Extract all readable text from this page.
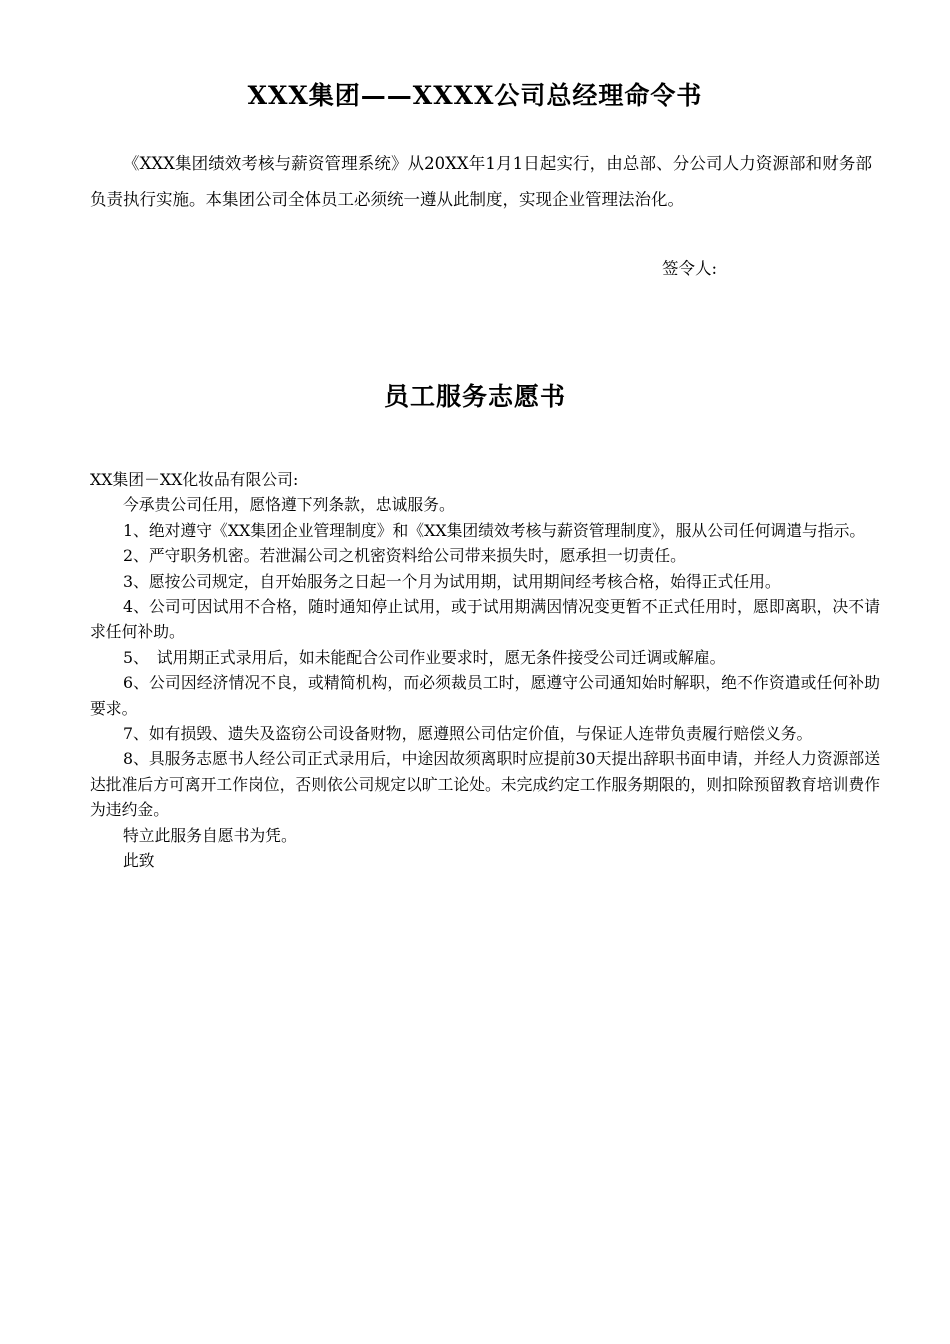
XXX集团——XXXX公司总经理命令书

《XXX集团绩效考核与薪资管理系统》从20XX年1月1日起实行，由总部、分公司人力资源部和财务部负责执行实施。本集团公司全体员工必须统一遵从此制度，实现企业管理法治化。

签令人:
员工服务志愿书

XX集团－XX化妆品有限公司:

今承贵公司任用，愿恪遵下列条款，忠诚服务。

1、绝对遵守《XX集团企业管理制度》和《XX集团绩效考核与薪资管理制度》，服从公司任何调遣与指示。

2、严守职务机密。若泄漏公司之机密资料给公司带来损失时，愿承担一切责任。

3、愿按公司规定，自开始服务之日起一个月为试用期，试用期间经考核合格，始得正式任用。

4、公司可因试用不合格，随时通知停止试用，或于试用期满因情况变更暂不正式任用时，愿即离职，决不请求任何补助。

5、　试用期正式录用后，如未能配合公司作业要求时，愿无条件接受公司迁调或解雇。

6、公司因经济情况不良，或精简机构，而必须裁员工时，愿遵守公司通知始时解职，绝不作资遣或任何补助要求。

7、如有损毁、遗失及盗窃公司设备财物，愿遵照公司估定价值，与保证人连带负责履行赔偿义务。

8、具服务志愿书人经公司正式录用后，中途因故须离职时应提前30天提出辞职书面申请，并经人力资源部送达批准后方可离开工作岗位，否则依公司规定以旷工论处。未完成约定工作服务期限的，则扣除预留教育培训费作为违约金。

特立此服务自愿书为凭。

此致
